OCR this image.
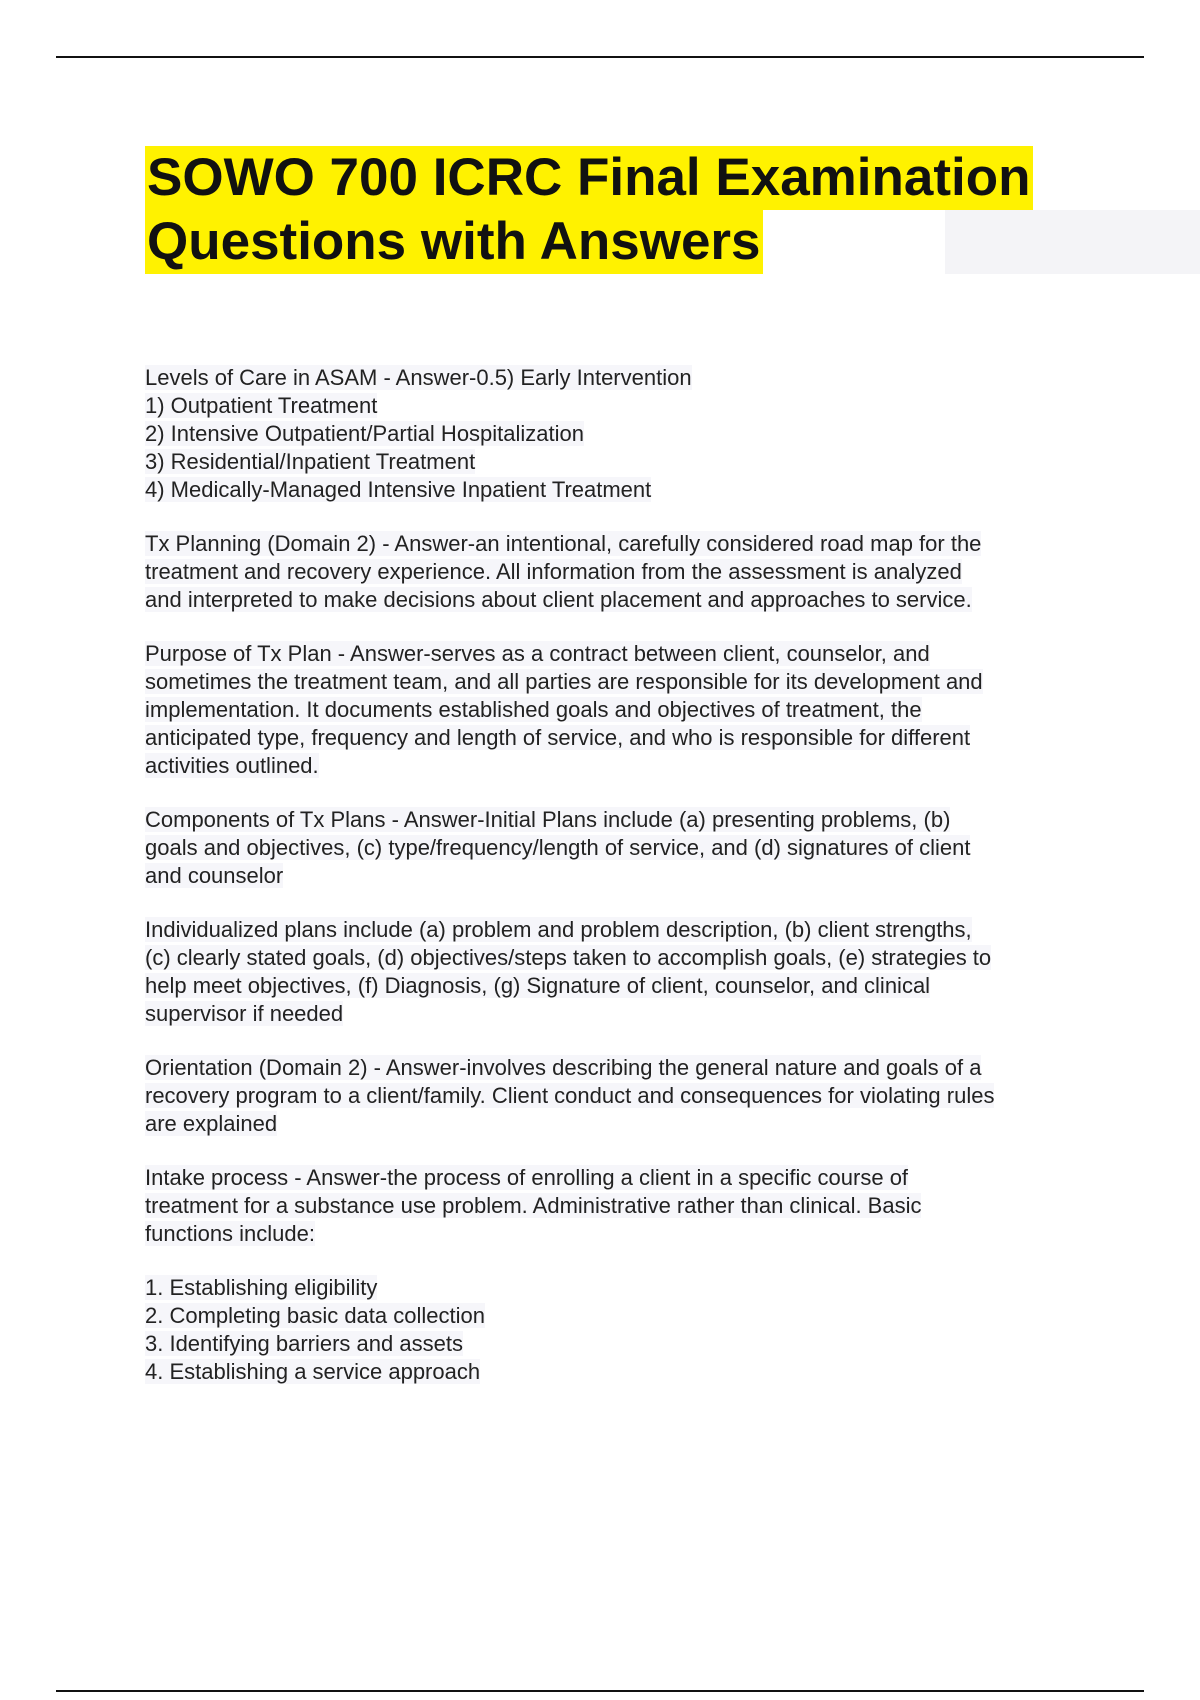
SOWO 700 ICRC Final Examination
Questions with Answers
Levels of Care in ASAM - Answer-0.5) Early Intervention
1) Outpatient Treatment
2) Intensive Outpatient/Partial Hospitalization
3) Residential/Inpatient Treatment
4) Medically-Managed Intensive Inpatient Treatment
Tx Planning (Domain 2) - Answer-an intentional, carefully considered road map for the
treatment and recovery experience. All information from the assessment is analyzed
and interpreted to make decisions about client placement and approaches to service.
Purpose of Tx Plan - Answer-serves as a contract between client, counselor, and
sometimes the treatment team, and all parties are responsible for its development and
implementation. It documents established goals and objectives of treatment, the
anticipated type, frequency and length of service, and who is responsible for different
activities outlined.
Components of Tx Plans - Answer-Initial Plans include (a) presenting problems, (b)
goals and objectives, (c) type/frequency/length of service, and (d) signatures of client
and counselor
Individualized plans include (a) problem and problem description, (b) client strengths,
(c) clearly stated goals, (d) objectives/steps taken to accomplish goals, (e) strategies to
help meet objectives, (f) Diagnosis, (g) Signature of client, counselor, and clinical
supervisor if needed
Orientation (Domain 2) - Answer-involves describing the general nature and goals of a
recovery program to a client/family. Client conduct and consequences for violating rules
are explained
Intake process - Answer-the process of enrolling a client in a specific course of
treatment for a substance use problem. Administrative rather than clinical. Basic
functions include:
1. Establishing eligibility
2. Completing basic data collection
3. Identifying barriers and assets
4. Establishing a service approach
